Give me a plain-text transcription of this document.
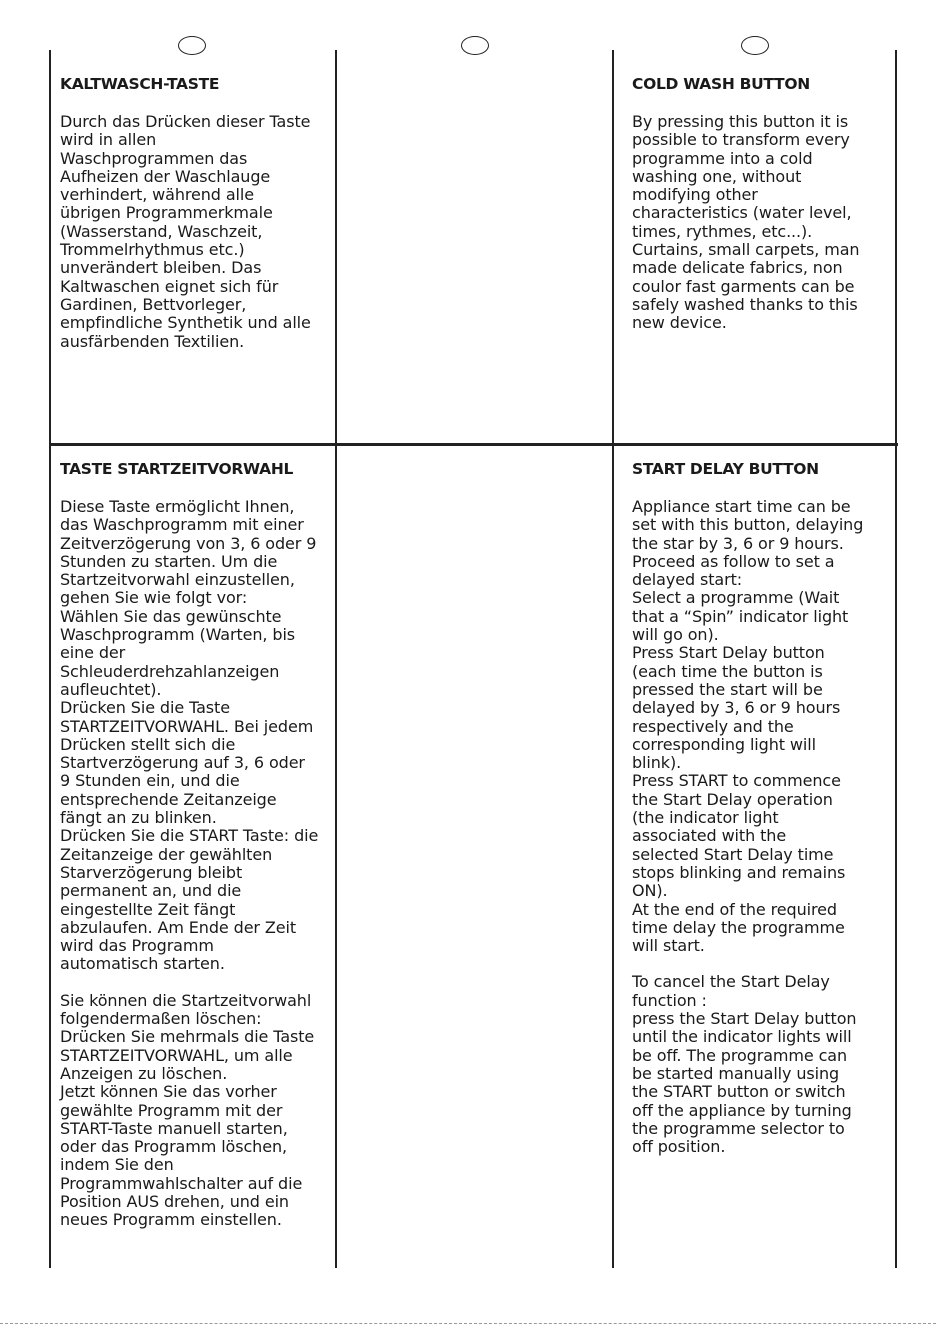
KALTWASCH-TASTE

Durch das Drücken dieser Taste
wird in allen
Waschprogrammen das
Aufheizen der Waschlauge
verhindert, während alle
übrigen Programmerkmale
(Wasserstand, Waschzeit,
Trommelrhythmus etc.)
unverändert bleiben. Das
Kaltwaschen eignet sich für
Gardinen, Bettvorleger,
empfindliche Synthetik und alle
ausfärbenden Textilien.

COLD WASH BUTTON

By pressing this button it is
possible to transform every
programme into a cold
washing one, without
modifying other
characteristics (water level,
times, rythmes, etc...).
Curtains, small carpets, man
made delicate fabrics, non
coulor fast garments can be
safely washed thanks to this
new device.

TASTE STARTZEITVORWAHL

Diese Taste ermöglicht Ihnen,
das Waschprogramm mit einer
Zeitverzögerung von 3, 6 oder 9
Stunden zu starten. Um die
Startzeitvorwahl einzustellen,
gehen Sie wie folgt vor:
Wählen Sie das gewünschte
Waschprogramm (Warten, bis
eine der
Schleuderdrehzahlanzeigen
aufleuchtet).
Drücken Sie die Taste
STARTZEITVORWAHL. Bei jedem
Drücken stellt sich die
Startverzögerung auf 3, 6 oder
9 Stunden ein, und die
entsprechende Zeitanzeige
fängt an zu blinken.
Drücken Sie die START Taste: die
Zeitanzeige der gewählten
Starverzögerung bleibt
permanent an, und die
eingestellte Zeit fängt
abzulaufen. Am Ende der Zeit
wird das Programm
automatisch starten.

Sie können die Startzeitvorwahl
folgendermaßen löschen:
Drücken Sie mehrmals die Taste
STARTZEITVORWAHL, um alle
Anzeigen zu löschen.
Jetzt können Sie das vorher
gewählte Programm mit der
START-Taste manuell starten,
oder das Programm löschen,
indem Sie den
Programmwahlschalter auf die
Position AUS drehen, und ein
neues Programm einstellen.

START DELAY BUTTON

Appliance start time can be
set with this button, delaying
the star by 3, 6 or 9 hours.
Proceed as follow to set a
delayed start:
Select a programme (Wait
that a “Spin” indicator light
will go on).
Press Start Delay button
(each time the button is
pressed the start will be
delayed by 3, 6 or 9 hours
respectively and the
corresponding light will
blink).
Press START to commence
the Start Delay operation
(the indicator light
associated with the
selected Start Delay time
stops blinking and remains
ON).
At the end of the required
time delay the programme
will start.

To cancel the Start Delay
function :
press the Start Delay button
until the indicator lights will
be off. The programme can
be started manually using
the START button or switch
off the appliance by turning
the programme selector to
off position.
